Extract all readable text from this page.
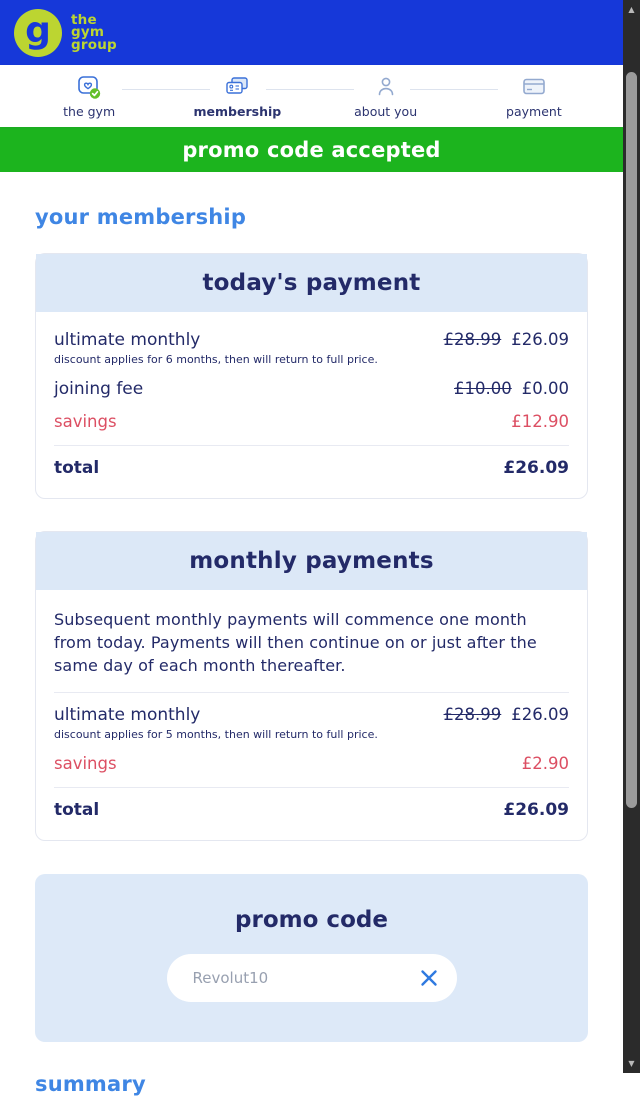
g the
gym
group
the gym	membership	about you	payment
promo code accepted
your membership
today's payment
ultimate monthly	£28.99 £26.09
discount applies for 6 months, then will return to full price.
joining fee	£10.00 £0.00
savings	£12.90
total	£26.09
monthly payments

Subsequent monthly payments will commence one month from today. Payments will then continue on or just after the same day of each month thereafter.

ultimate monthly	£28.99 £26.09
discount applies for 5 months, then will return to full price.
savings	£2.90
total	£26.09
promo code
Revolut10
summary
▲
▼
